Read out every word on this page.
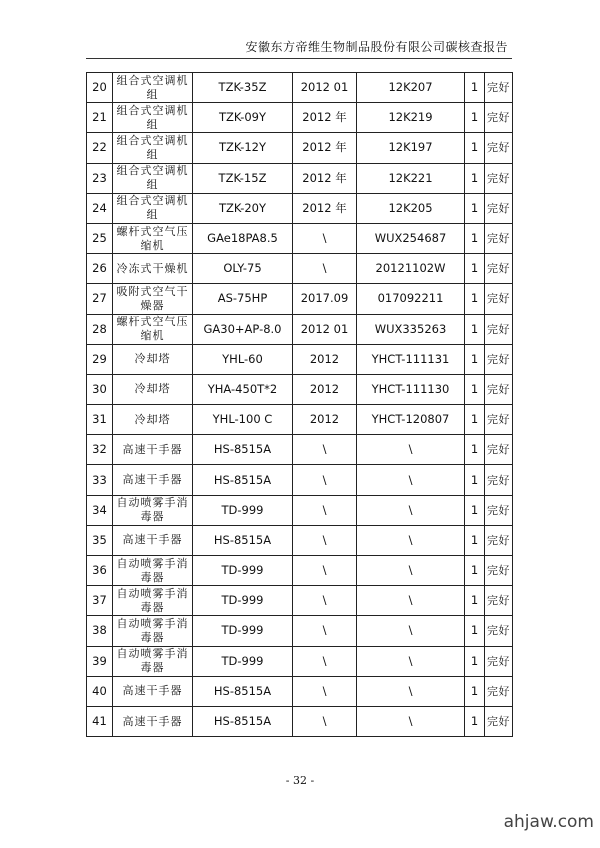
安徽东方帝维生物制品股份有限公司碳核查报告
20	组合式空调机组	TZK-35Z	2012 01	12K207	1	完好
21	组合式空调机组	TZK-09Y	2012 年	12K219	1	完好
22	组合式空调机组	TZK-12Y	2012 年	12K197	1	完好
23	组合式空调机组	TZK-15Z	2012 年	12K221	1	完好
24	组合式空调机组	TZK-20Y	2012 年	12K205	1	完好
25	螺杆式空气压缩机	GAe18PA8.5	\	WUX254687	1	完好
26	冷冻式干燥机	OLY-75	\	20121102W	1	完好
27	吸附式空气干燥器	AS-75HP	2017.09	017092211	1	完好
28	螺杆式空气压缩机	GA30+AP-8.0	2012 01	WUX335263	1	完好
29	冷却塔	YHL-60	2012	YHCT-111131	1	完好
30	冷却塔	YHA-450T*2	2012	YHCT-111130	1	完好
31	冷却塔	YHL-100 C	2012	YHCT-120807	1	完好
32	高速干手器	HS-8515A	\	\	1	完好
33	高速干手器	HS-8515A	\	\	1	完好
34	自动喷雾手消毒器	TD-999	\	\	1	完好
35	高速干手器	HS-8515A	\	\	1	完好
36	自动喷雾手消毒器	TD-999	\	\	1	完好
37	自动喷雾手消毒器	TD-999	\	\	1	完好
38	自动喷雾手消毒器	TD-999	\	\	1	完好
39	自动喷雾手消毒器	TD-999	\	\	1	完好
40	高速干手器	HS-8515A	\	\	1	完好
41	高速干手器	HS-8515A	\	\	1	完好
- 32 -
ahjaw.com
